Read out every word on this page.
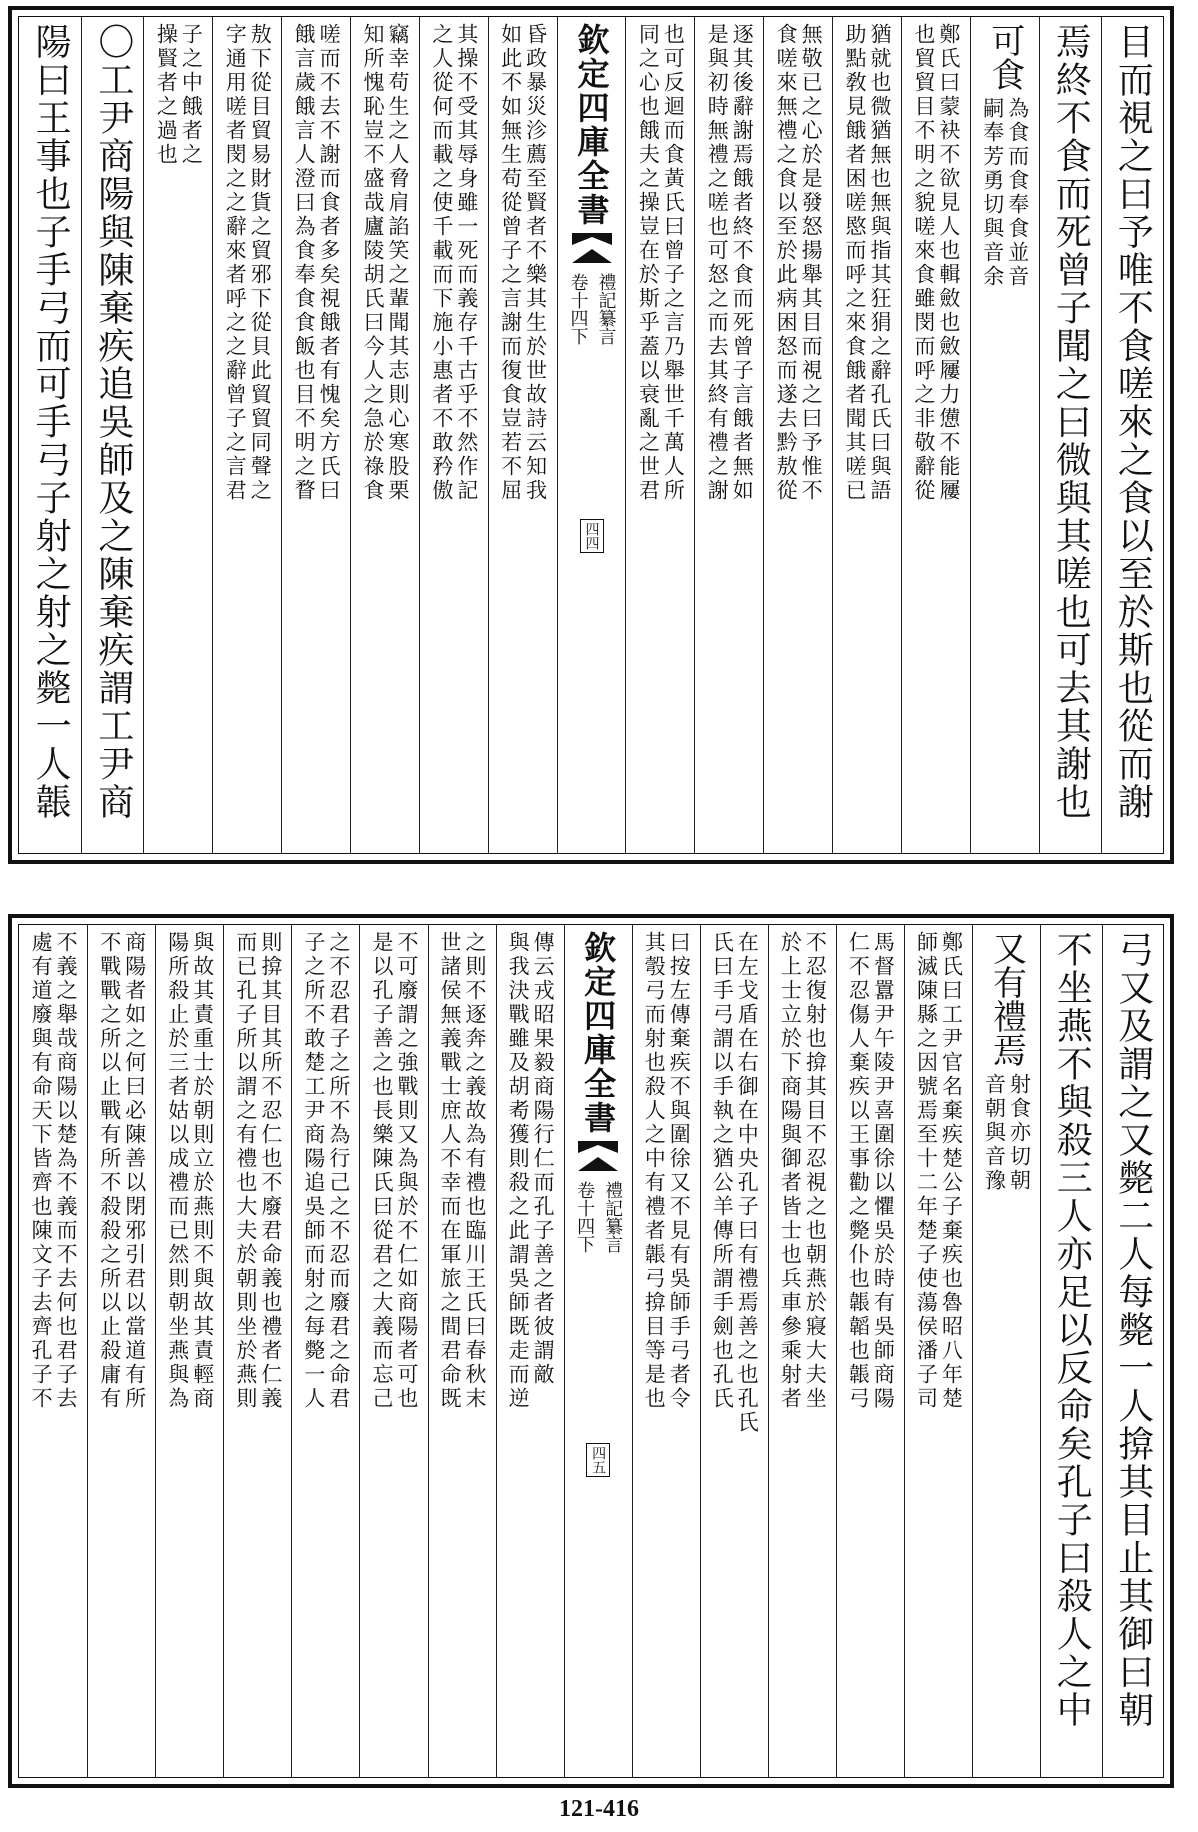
目而視之曰予唯不食嗟來之食以至於斯也從而謝
焉終不食而死曾子聞之曰微與其嗟也可去其謝也
可食
為食而食奉食並音
嗣奉芳勇切與音余
鄭氏曰蒙袂不欲見人也輯斂也斂屨力憊不能屨
也貿貿目不明之貌嗟來食雖閔而呼之非敬辭從
猶就也微猶無也無與指其狂狷之辭孔氏曰與語
助點敎見餓者困嗟愍而呼之來食餓者聞其嗟已
無敬已之心於是發怒揚舉其目而視之曰予惟不
食嗟來無禮之食以至於此病困怒而遂去黔敖從
逐其後辭謝焉餓者終不食而死曾子言餓者無如
是與初時無禮之嗟也可怒之而去其終有禮之謝
也可反迴而食黃氏曰曾子之言乃舉世千萬人所
同之心也餓夫之操豈在於斯乎蓋以衰亂之世君
欽定四庫全書
禮記纂言
卷十四下
四四
昏政暴災沴薦至賢者不樂其生於世故詩云知我
如此不如無生苟從曾子之言謝而復食豈若不屈
其操不受其辱身雖一死而義存千古乎不然作記
之人從何而載之使千載而下施小惠者不敢矜傲
竊幸苟生之人脅肩諂笑之輩聞其志則心寒股栗
知所愧恥豈不盛哉廬陵胡氏曰今人之急於祿食
嗟而不去不謝而食者多矣視餓者有愧矣方氏曰
餓言歲餓言人澄曰為食奉食食飯也目不明之瞀
敖下從目貿易財貨之貿邪下從貝此貿貿同聲之
字通用嗟者閔之之辭來者呼之之辭曾子之言君
子之中餓者之
操賢者之過也
〇工尹商陽與陳棄疾追吳師及之陳棄疾謂工尹商
陽曰王事也子手弓而可手弓子射之射之斃一人韔
弓又及謂之又斃二人每斃一人揜其目止其御曰朝
不坐燕不與殺三人亦足以反命矣孔子曰殺人之中
又有禮焉
射食亦切朝
音朝與音豫
鄭氏曰工尹官名棄疾楚公子棄疾也魯昭八年楚
師滅陳縣之因號焉至十二年楚子使蕩侯潘子司
馬督囂尹午陵尹喜圍徐以懼吳於時有吳師商陽
仁不忍傷人棄疾以王事勸之斃仆也韔韜也韔弓
不忍復射也揜其目不忍視之也朝燕於寢大夫坐
於上士立於下商陽與御者皆士也兵車參乘射者
在左戈盾在右御在中央孔子曰有禮焉善之也孔氏
氏曰手弓謂以手執之猶公羊傳所謂手劍也孔氏
曰按左傳棄疾不與圍徐又不見有吳師手弓者令
其彀弓而射也殺人之中有禮者韔弓揜目等是也
欽定四庫全書
禮記纂言
卷十四下
四五
傳云戎昭果毅商陽行仁而孔子善之者彼謂敵
與我決戰雖及胡耇獲則殺之此謂吳師既走而逆
之則不逐奔之義故為有禮也臨川王氏曰春秋末
世諸侯無義戰士庶人不幸而在軍旅之間君命既
不可廢謂之強戰則又為與於不仁如商陽者可也
是以孔子善之也長樂陳氏曰從君之大義而忘己
之不忍君子之所不為行己之不忍而廢君之命君
子之所不敢楚工尹商陽追吳師而射之每斃一人
則揜其目其所不忍仁也不廢君命義也禮者仁義
而已孔子所以謂之有禮也大夫於朝則坐於燕則
與故其責重士於朝則立於燕則不與故其責輕商
陽所殺止於三者姑以成禮而已然則朝坐燕與為
商陽者如之何曰必陳善以閉邪引君以當道有所
不戰戰之所以止戰有所不殺殺之所以止殺庸有
不義之舉哉商陽以楚為不義而不去何也君子去
處有道廢與有命天下皆齊也陳文子去齊孔子不
121-416
